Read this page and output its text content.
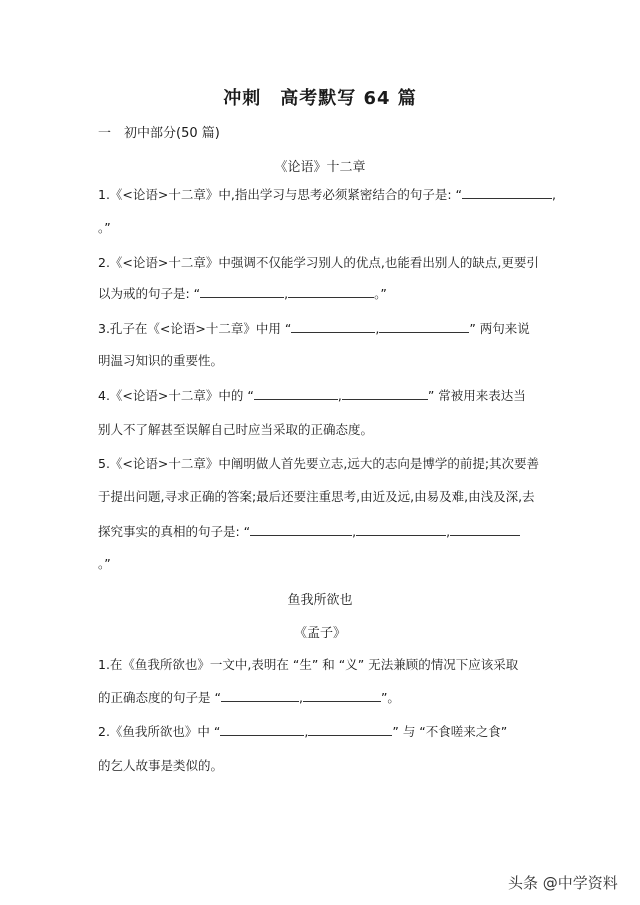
冲刺　高考默写 64 篇
一　初中部分(50 篇)
《论语》十二章
1.《<论语>十二章》中,指出学习与思考必须紧密结合的句子是: “	,
。”
2.《<论语>十二章》中强调不仅能学习别人的优点,也能看出别人的缺点,更要引
以为戒的句子是: “	,	。”
3.孔子在《<论语>十二章》中用 “	,	” 两句来说
明温习知识的重要性。
4.《<论语>十二章》中的 “	,	” 常被用来表达当
别人不了解甚至误解自己时应当采取的正确态度。
5.《<论语>十二章》中阐明做人首先要立志,远大的志向是博学的前提;其次要善
于提出问题,寻求正确的答案;最后还要注重思考,由近及远,由易及难,由浅及深,去
探究事实的真相的句子是: “	,	,
。”
鱼我所欲也
《孟子》
1.在《鱼我所欲也》一文中,表明在 “生” 和 “义” 无法兼顾的情况下应该采取
的正确态度的句子是 “	,	”。
2.《鱼我所欲也》中 “	,	” 与 “不食嗟来之食”
的乞人故事是类似的。
头条 @中学资料
